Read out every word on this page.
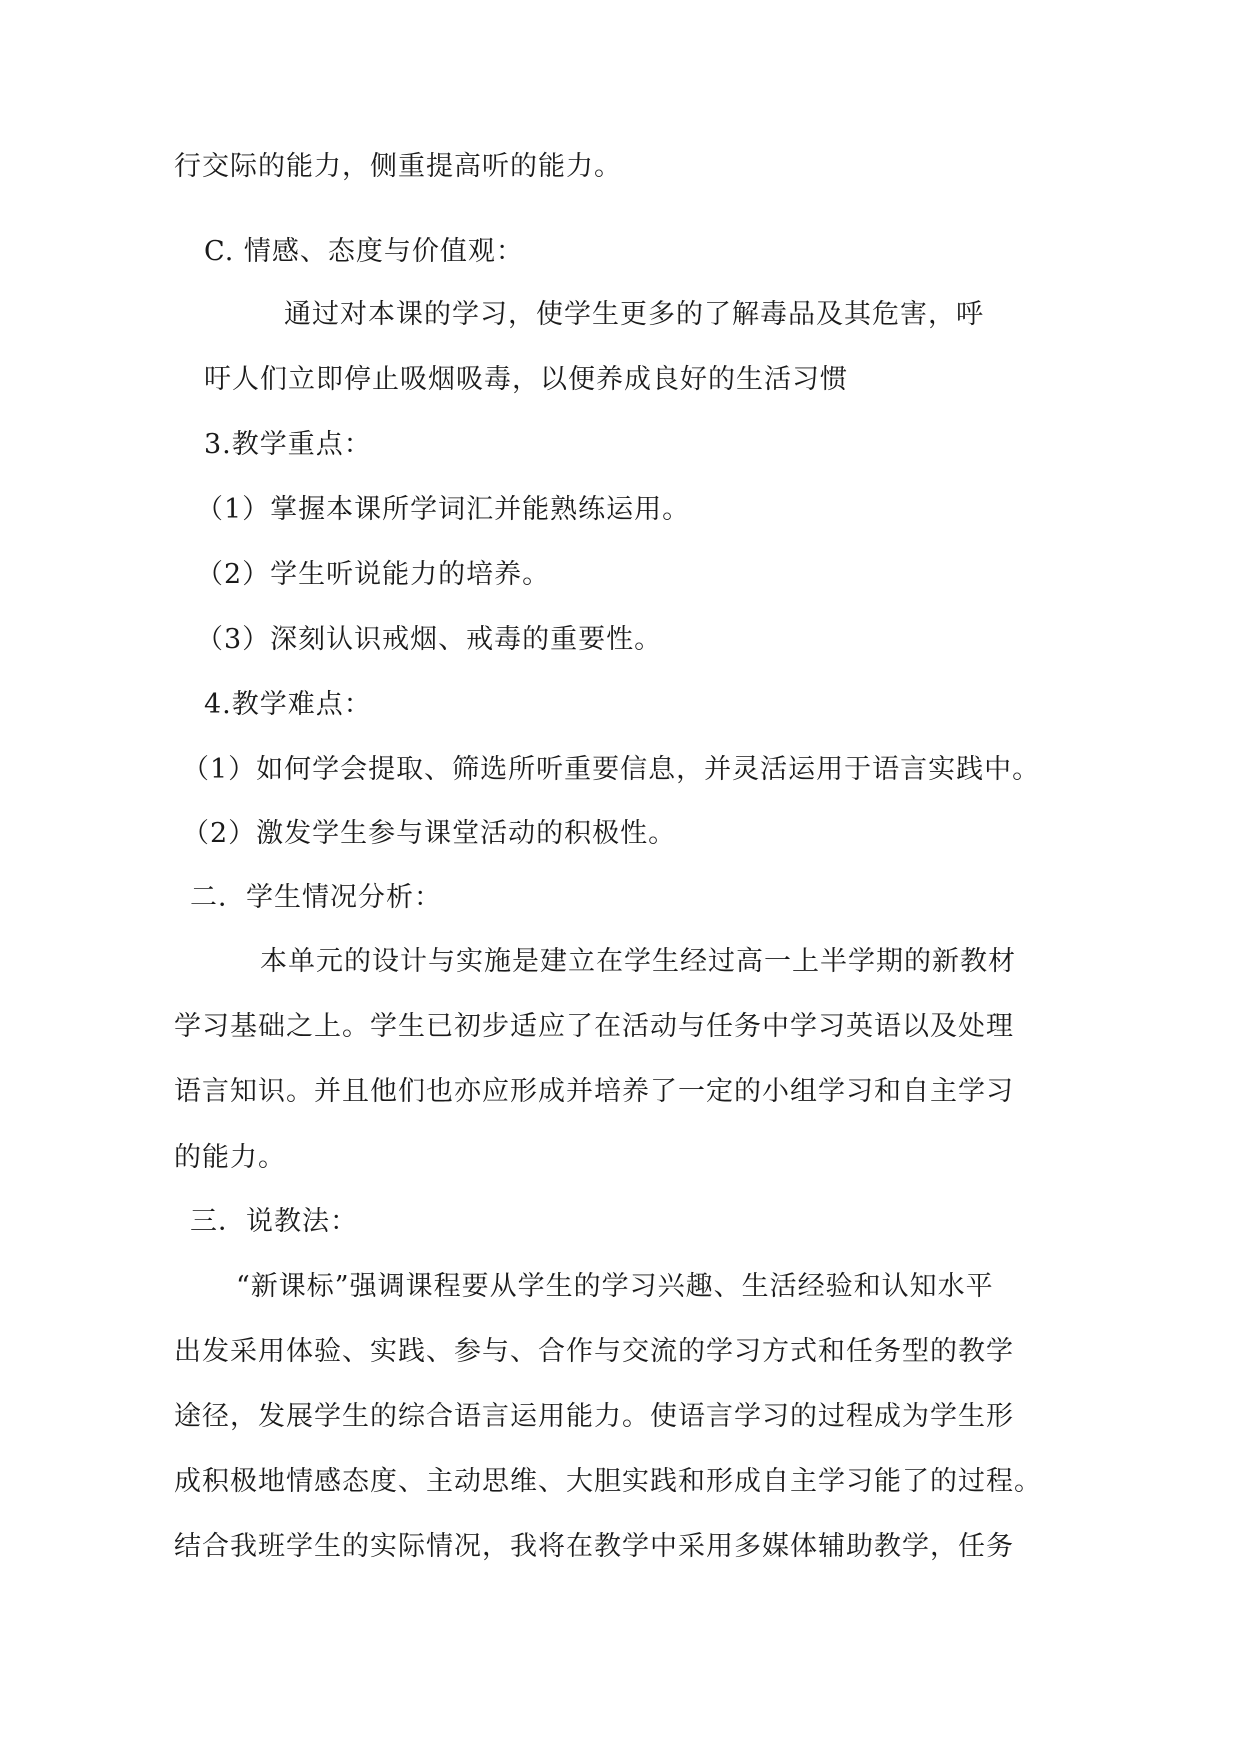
行交际的能力，侧重提高听的能力。
C. 情感、态度与价值观：
通过对本课的学习，使学生更多的了解毒品及其危害，呼
吁人们立即停止吸烟吸毒，以便养成良好的生活习惯
3.教学重点：
（1）掌握本课所学词汇并能熟练运用。
（2）学生听说能力的培养。
（3）深刻认识戒烟、戒毒的重要性。
4.教学难点：
（1）如何学会提取、筛选所听重要信息，并灵活运用于语言实践中。
（2）激发学生参与课堂活动的积极性。
二．学生情况分析：
本单元的设计与实施是建立在学生经过高一上半学期的新教材
学习基础之上。学生已初步适应了在活动与任务中学习英语以及处理
语言知识。并且他们也亦应形成并培养了一定的小组学习和自主学习
的能力。
三．说教法：
“新课标”强调课程要从学生的学习兴趣、生活经验和认知水平
出发采用体验、实践、参与、合作与交流的学习方式和任务型的教学
途径，发展学生的综合语言运用能力。使语言学习的过程成为学生形
成积极地情感态度、主动思维、大胆实践和形成自主学习能了的过程。
结合我班学生的实际情况，我将在教学中采用多媒体辅助教学，任务
